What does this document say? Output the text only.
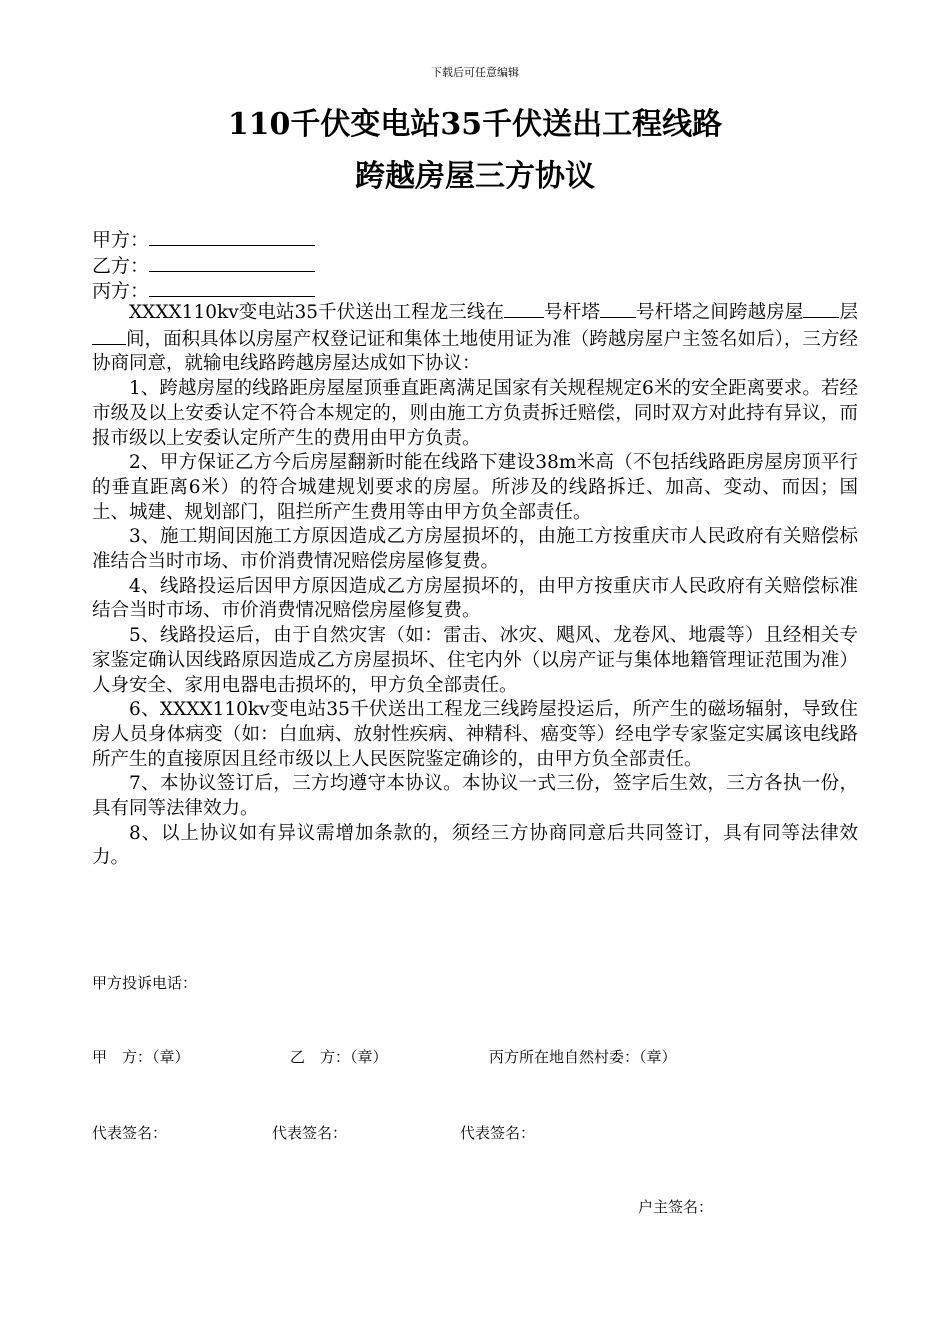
下载后可任意编辑
110千伏变电站35千伏送出工程线路
跨越房屋三方协议
甲方：
乙方：
丙方：

XXXX110kv变电站35千伏送出工程龙三线在 号杆塔 号杆塔之间跨越房屋 层间，面积具体以房屋产权登记证和集体土地使用证为准（跨越房屋户主签名如后），三方经协商同意，就输电线路跨越房屋达成如下协议：

1、跨越房屋的线路距房屋屋顶垂直距离满足国家有关规程规定6米的安全距离要求。若经市级及以上安委认定不符合本规定的，则由施工方负责拆迁赔偿，同时双方对此持有异议，而报市级以上安委认定所产生的费用由甲方负责。

2、甲方保证乙方今后房屋翻新时能在线路下建设38m米高（不包括线路距房屋房顶平行的垂直距离6米）的符合城建规划要求的房屋。所涉及的线路拆迁、加高、变动、而因；国土、城建、规划部门，阻拦所产生费用等由甲方负全部责任。

3、施工期间因施工方原因造成乙方房屋损坏的，由施工方按重庆市人民政府有关赔偿标准结合当时市场、市价消费情况赔偿房屋修复费。

4、线路投运后因甲方原因造成乙方房屋损坏的，由甲方按重庆市人民政府有关赔偿标准结合当时市场、市价消费情况赔偿房屋修复费。

5、线路投运后，由于自然灾害（如：雷击、冰灾、飓风、龙卷风、地震等）且经相关专家鉴定确认因线路原因造成乙方房屋损坏、住宅内外（以房产证与集体地籍管理证范围为准）人身安全、家用电器电击损坏的，甲方负全部责任。

6、XXXX110kv变电站35千伏送出工程龙三线跨屋投运后，所产生的磁场辐射，导致住房人员身体病变（如：白血病、放射性疾病、神精科、癌变等）经电学专家鉴定实属该电线路所产生的直接原因且经市级以上人民医院鉴定确诊的，由甲方负全部责任。

7、本协议签订后，三方均遵守本协议。本协议一式三份，签字后生效，三方各执一份，具有同等法律效力。

8、以上协议如有异议需增加条款的，须经三方协商同意后共同签订，具有同等法律效力。

甲方投诉电话：
甲　方：（章）	乙　方：（章）	丙方所在地自然村委：（章）
代表签名：	代表签名：	代表签名：
户主签名：
